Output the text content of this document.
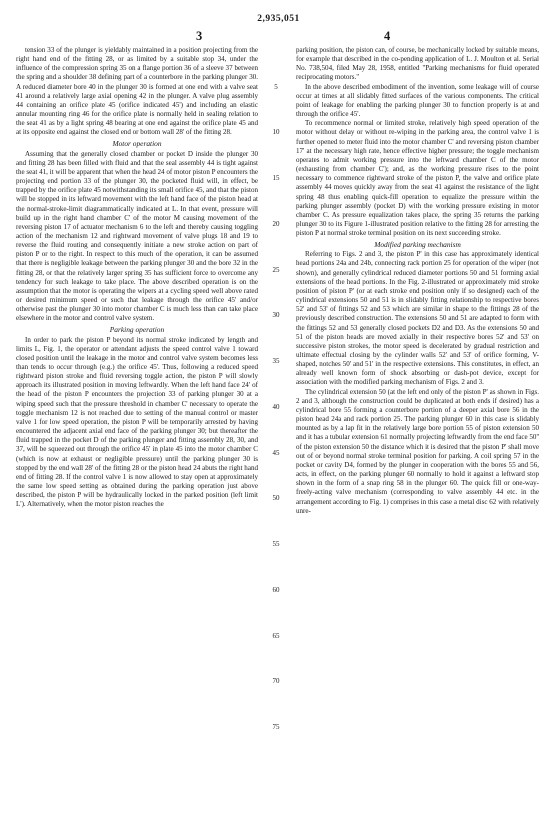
2,935,051
3	4

tension 33 of the plunger is yieldably maintained in a position projecting from the right hand end of the fitting 28, or as limited by a suitable stop 34, under the influence of the compression spring 35 on a flange portion 36 of a sleeve 37 between the spring and a shoulder 38 defining part of a counterbore in the parking plunger 30. A reduced diameter bore 40 in the plunger 30 is formed at one end with a valve seat 41 around a relatively large axial opening 42 in the plunger. A valve plug assembly 44 containing an orifice plate 45 (orifice indicated 45') and including an elastic annular mounting ring 46 for the orifice plate is normally held in sealing relation to the seat 41 as by a light spring 48 bearing at one end against the orifice plate 45 and at its opposite end against the closed end or bottom wall 28' of the fitting 28.

Motor operation

Assuming that the generally closed chamber or pocket D inside the plunger 30 and fitting 28 has been filled with fluid and that the seal assembly 44 is tight against the seat 41, it will be apparent that when the head 24 of motor piston P encounters the projecting end portion 33 of the plunger 30, the pocketed fluid will, in effect, be trapped by the orifice plate 45 notwithstanding its small orifice 45, and that the piston will be stopped in its leftward movement with the left hand face of the piston head at the normal-stroke-limit diagrammatically indicated at L. In that event, pressure will build up in the right hand chamber C' of the motor M causing movement of the reversing piston 17 of actuator mechanism 6 to the left and thereby causing toggling action of the mechanism 12 and rightward movement of valve plugs 18 and 19 to reverse the fluid routing and consequently initiate a new stroke action on part of piston P or to the right. In respect to this much of the operation, it can be assumed that there is negligible leakage between the parking plunger 30 and the bore 32 in the fitting 28, or that the relatively larger spring 35 has sufficient force to overcome any tendency for such leakage to take place. The above described operation is on the assumption that the motor is operating the wipers at a cycling speed well above rated or desired minimum speed or such that leakage through the orifice 45' and/or otherwise past the plunger 30 into motor chamber C is much less than can take place elsewhere in the motor and control valve system.

Parking operation

In order to park the piston P beyond its normal stroke indicated by length and limits L, Fig. 1, the operator or attendant adjusts the speed control valve 1 toward closed position until the leakage in the motor and control valve system becomes less than tends to occur through (e.g.) the orifice 45'. Thus, following a reduced speed rightward piston stroke and fluid reversing toggle action, the piston P will slowly approach its illustrated position in moving leftwardly. When the left hand face 24' of the head of the piston P encounters the projection 33 of parking plunger 30 at a wiping speed such that the pressure threshold in chamber C' necessary to operate the toggle mechanism 12 is not reached due to setting of the manual control or master valve 1 for low speed operation, the piston P will be temporarily arrested by having encountered the adjacent axial end face of the parking plunger 30; but thereafter the fluid trapped in the pocket D of the parking plunger and fitting assembly 28, 30, and 37, will be squeezed out through the orifice 45' in plate 45 into the motor chamber C (which is now at exhaust or negligible pressure) until the parking plunger 30 is stopped by the end wall 28' of the fitting 28 or the piston head 24 abuts the right hand end of fitting 28. If the control valve 1 is now allowed to stay open at approximately the same low speed setting as obtained during the parking operation just above described, the piston P will be hydraulically locked in the parked position (left limit L'). Alternatively, when the motor piston reaches the

5
10
15
20
25
30
35
40
45
50
55
60
65
70
75

parking position, the piston can, of course, be mechanically locked by suitable means, for example that described in the co-pending application of L. J. Moulton et al. Serial No. 738,504, filed May 28, 1958, entitled "Parking mechanisms for fluid operated reciprocating motors."

In the above described embodiment of the invention, some leakage will of course occur at times at all slidably fitted surfaces of the various components. The critical point of leakage for enabling the parking plunger 30 to function properly is at and through the orifice 45'.

To recommence normal or limited stroke, relatively high speed operation of the motor without delay or without re-wiping in the parking area, the control valve 1 is further opened to meter fluid into the motor chamber C' and reversing piston chamber 17' at the necessary high rate, hence effective higher pressure; the toggle mechanism operates to admit working pressure into the leftward chamber C of the motor (exhausting from chamber C'); and, as the working pressure rises to the point necessary to commence rightward stroke of the piston P, the valve and orifice plate assembly 44 moves quickly away from the seat 41 against the resistance of the light spring 48 thus enabling quick-fill operation to equalize the pressure within the parking plunger assembly (pocket D) with the working pressure existing in motor chamber C. As pressure equalization takes place, the spring 35 returns the parking plunger 30 to its Figure 1-illustrated position relative to the fitting 28 for arresting the piston P at normal stroke terminal position on its next succeeding stroke.

Modified parking mechanism

Referring to Figs. 2 and 3, the piston P' in this case has approximately identical head portions 24a and 24b, connecting rack portion 25 for operation of the wiper (not shown), and generally cylindrical reduced diameter portions 50 and 51 forming axial extensions of the head portions. In the Fig. 2-illustrated or approximately mid stroke position of piston P' (or at each stroke end position only if so designed) each of the cylindrical extensions 50 and 51 is in slidably fitting relationship to respective bores 52' and 53' of fittings 52 and 53 which are similar in shape to the fittings 28 of the previously described construction. The extensions 50 and 51 are adapted to form with the fittings 52 and 53 generally closed pockets D2 and D3. As the extensions 50 and 51 of the piston heads are moved axially in their respective bores 52' and 53' on successive piston strokes, the motor speed is decelerated by gradual restriction and ultimate effectual closing by the cylinder walls 52' and 53' of orifice forming, V-shaped, notches 50' and 51' in the respective extensions. This constitutes, in effect, an already well known form of shock absorbing or dash-pot device, except for association with the modified parking mechanism of Figs. 2 and 3.

The cylindrical extension 50 (at the left end only of the piston P' as shown in Figs. 2 and 3, although the construction could be duplicated at both ends if desired) has a cylindrical bore 55 forming a counterbore portion of a deeper axial bore 56 in the piston head 24a and rack portion 25. The parking plunger 60 in this case is slidably mounted as by a lap fit in the relatively large bore portion 55 of piston extension 50 and it has a tubular extension 61 normally projecting leftwardly from the end face 50'' of the piston extension 50 the distance which it is desired that the piston P' shall move out of or beyond normal stroke terminal position for parking. A coil spring 57 in the pocket or cavity D4, formed by the plunger in cooperation with the bores 55 and 56, acts, in effect, on the parking plunger 60 normally to hold it against a leftward stop shown in the form of a snap ring 58 in the plunger 60. The quick fill or one-way-freely-acting valve mechanism (corresponding to valve assembly 44 etc. in the arrangement according to Fig. 1) comprises in this case a metal disc 62 with relatively unre-
